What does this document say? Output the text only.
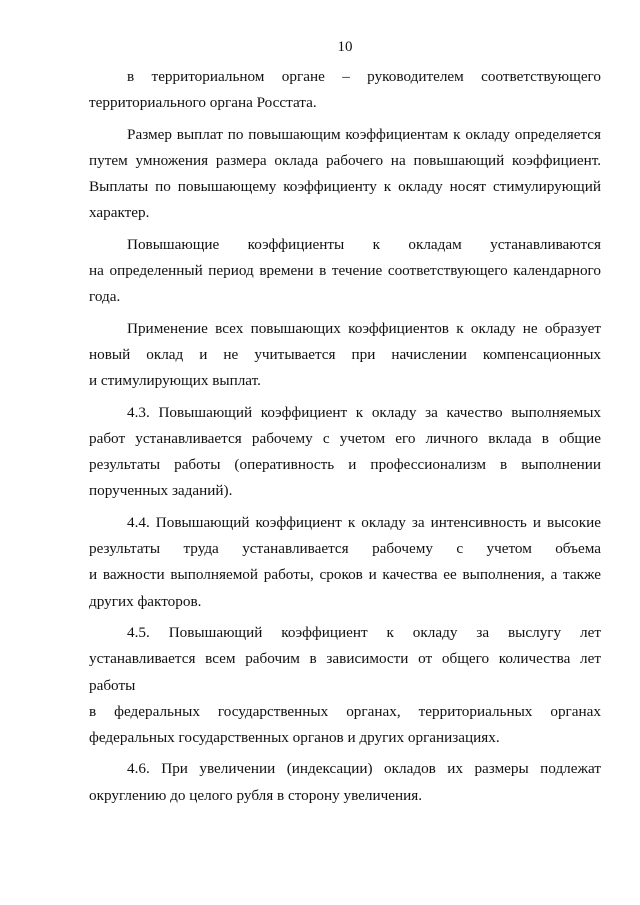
10
в территориальном органе – руководителем соответствующего
территориального органа Росстата.
Размер выплат по повышающим коэффициентам к окладу определяется
путем умножения размера оклада рабочего на повышающий коэффициент.
Выплаты по повышающему коэффициенту к окладу носят стимулирующий
характер.
Повышающие коэффициенты к окладам устанавливаются
на определенный период времени в течение соответствующего календарного
года.
Применение всех повышающих коэффициентов к окладу не образует
новый оклад и не учитывается при начислении компенсационных
и стимулирующих выплат.
4.3. Повышающий коэффициент к окладу за качество выполняемых
работ устанавливается рабочему с учетом его личного вклада в общие
результаты работы (оперативность и профессионализм в выполнении
порученных заданий).
4.4. Повышающий коэффициент к окладу за интенсивность и высокие
результаты труда устанавливается рабочему с учетом объема
и важности выполняемой работы, сроков и качества ее выполнения, а также
других факторов.
4.5. Повышающий коэффициент к окладу за выслугу лет
устанавливается всем рабочим в зависимости от общего количества лет работы
в федеральных государственных органах, территориальных органах
федеральных государственных органов и других организациях.
4.6. При увеличении (индексации) окладов их размеры подлежат
округлению до целого рубля в сторону увеличения.
